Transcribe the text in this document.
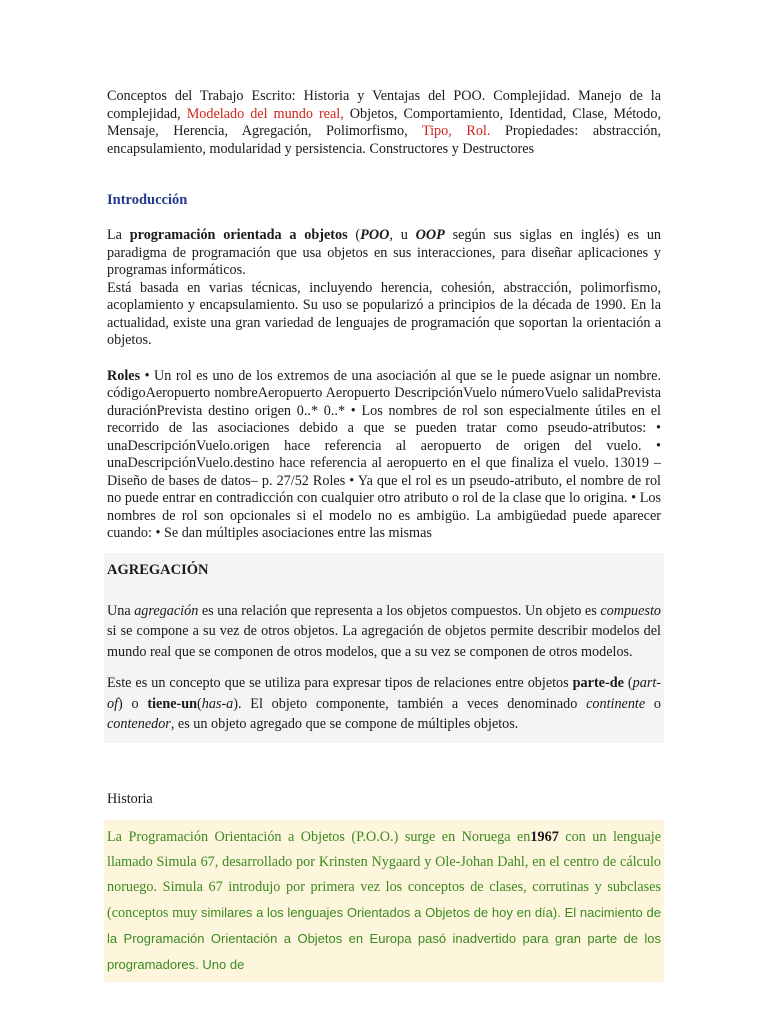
Conceptos del Trabajo Escrito: Historia y Ventajas del POO. Complejidad. Manejo de la complejidad, Modelado del mundo real, Objetos, Comportamiento, Identidad, Clase, Método, Mensaje, Herencia, Agregación, Polimorfismo, Tipo, Rol. Propiedades: abstracción, encapsulamiento, modularidad y persistencia. Constructores y Destructores

Introducción

La programación orientada a objetos (POO, u OOP según sus siglas en inglés) es un paradigma de programación que usa objetos en sus interacciones, para diseñar aplicaciones y programas informáticos.

Está basada en varias técnicas, incluyendo herencia, cohesión, abstracción, polimorfismo, acoplamiento y encapsulamiento. Su uso se popularizó a principios de la década de 1990. En la actualidad, existe una gran variedad de lenguajes de programación que soportan la orientación a objetos.

Roles • Un rol es uno de los extremos de una asociación al que se le puede asignar un nombre. códigoAeropuerto nombreAeropuerto Aeropuerto DescripciónVuelo númeroVuelo salidaPrevista duraciónPrevista destino origen 0..* 0..* • Los nombres de rol son especialmente útiles en el recorrido de las asociaciones debido a que se pueden tratar como pseudo-atributos: • unaDescripciónVuelo.origen hace referencia al aeropuerto de origen del vuelo. • unaDescripciónVuelo.destino hace referencia al aeropuerto en el que finaliza el vuelo. 13019 – Diseño de bases de datos– p. 27/52 Roles • Ya que el rol es un pseudo-atributo, el nombre de rol no puede entrar en contradicción con cualquier otro atributo o rol de la clase que lo origina. • Los nombres de rol son opcionales si el modelo no es ambigüo. La ambigüedad puede aparecer cuando: • Se dan múltiples asociaciones entre las mismas

AGREGACIÓN

Una agregación es una relación que representa a los objetos compuestos. Un objeto es compuesto si se compone a su vez de otros objetos. La agregación de objetos permite describir modelos del mundo real que se componen de otros modelos, que a su vez se componen de otros modelos.

Este es un concepto que se utiliza para expresar tipos de relaciones entre objetos parte-de (part-of) o tiene-un(has-a). El objeto componente, también a veces denominado continente o contenedor, es un objeto agregado que se compone de múltiples objetos.

Historia

La Programación Orientación a Objetos (P.O.O.) surge en Noruega en1967 con un lenguaje llamado Simula 67, desarrollado por Krinsten Nygaard y Ole-Johan Dahl, en el centro de cálculo noruego. Simula 67 introdujo por primera vez los conceptos de clases, corrutinas y subclases (conceptos muy similares a los lenguajes Orientados a Objetos de hoy en día). El nacimiento de la Programación Orientación a Objetos en Europa pasó inadvertido para gran parte de los programadores. Uno de
